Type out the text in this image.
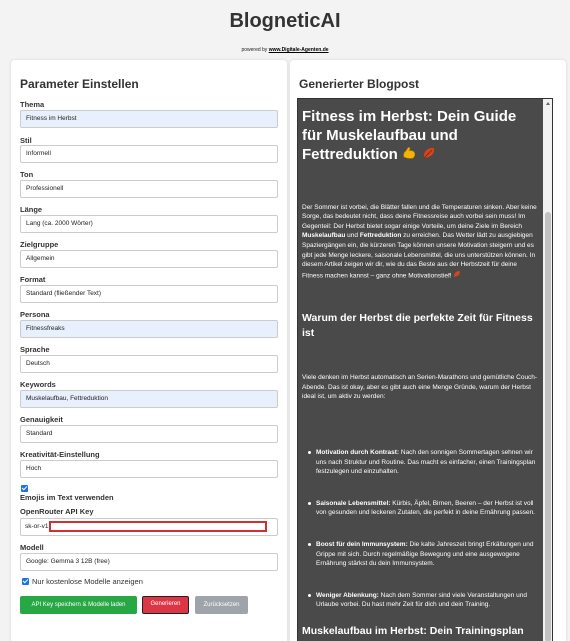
BlogneticAI
powered by www.Digitale-Agenten.de
Parameter Einstellen
Thema
Fitness im Herbst
Stil
Informell
Ton
Professionell
Länge
Lang (ca. 2000 Wörter)
Zielgruppe
Allgemein
Format
Standard (fließender Text)
Persona
Fitnessfreaks
Sprache
Deutsch
Keywords
Muskelaufbau, Fettreduktion
Genauigkeit
Standard
Kreativität-Einstellung
Hoch
Emojis im Text verwenden
OpenRouter API Key
sk-or-v1
Modell
Google: Gemma 3 12B (free)
Nur kostenlose Modelle anzeigen
API Key speichern & Modelle laden	Generieren	Zurücksetzen
Generierter Blogpost
Fitness im Herbst: Dein Guide für Muskelaufbau und Fettreduktion
Der Sommer ist vorbei, die Blätter fallen und die Temperaturen sinken. Aber keine Sorge, das bedeutet nicht, dass deine Fitnessreise auch vorbei sein muss! Im Gegenteil: Der Herbst bietet sogar einige Vorteile, um deine Ziele im Bereich Muskelaufbau und Fettreduktion zu erreichen. Das Wetter lädt zu ausgiebigen Spaziergängen ein, die kürzeren Tage können unsere Motivation steigern und es gibt jede Menge leckere, saisonale Lebensmittel, die uns unterstützen können. In diesem Artikel zeigen wir dir, wie du das Beste aus der Herbstzeit für deine Fitness machen kannst – ganz ohne Motivationstief!
Warum der Herbst die perfekte Zeit für Fitness ist
Viele denken im Herbst automatisch an Serien-Marathons und gemütliche Couch-Abende. Das ist okay, aber es gibt auch eine Menge Gründe, warum der Herbst ideal ist, um aktiv zu werden:
Motivation durch Kontrast: Nach den sonnigen Sommertagen sehnen wir uns nach Struktur und Routine. Das macht es einfacher, einen Trainingsplan festzulegen und einzuhalten.
Saisonale Lebensmittel: Kürbis, Äpfel, Birnen, Beeren – der Herbst ist voll von gesunden und leckeren Zutaten, die perfekt in deine Ernährung passen.
Boost für dein Immunsystem: Die kalte Jahreszeit bringt Erkältungen und Grippe mit sich. Durch regelmäßige Bewegung und eine ausgewogene Ernährung stärkst du dein Immunsystem.
Weniger Ablenkung: Nach dem Sommer sind viele Veranstaltungen und Urlaube vorbei. Du hast mehr Zeit für dich und dein Training.
Muskelaufbau im Herbst: Dein Trainingsplan
